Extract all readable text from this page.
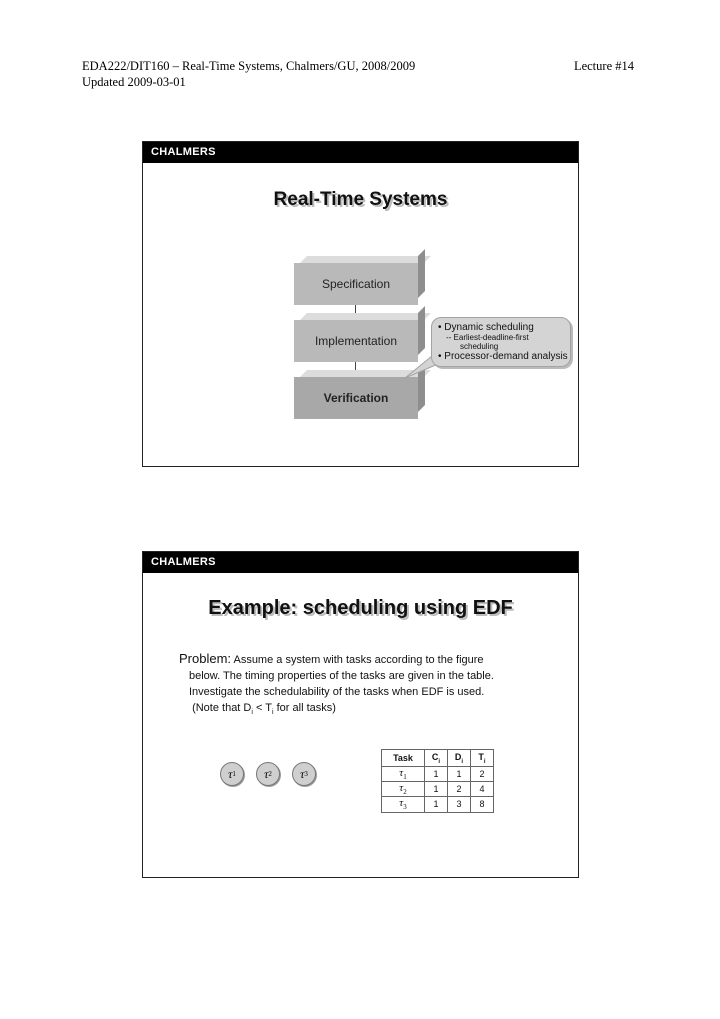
EDA222/DIT160 – Real-Time Systems, Chalmers/GU, 2008/2009
Updated 2009-03-01
Lecture #14
CHALMERS
Real-Time Systems
Specification
Implementation
Verification
• Dynamic scheduling
-- Earliest-deadline-first
scheduling
• Processor-demand analysis
CHALMERS
Example: scheduling using EDF
Problem: Assume a system with tasks according to the figure
below. The timing properties of the tasks are given in the table.
Investigate the schedulability of the tasks when EDF is used.
(Note that $D_i < T_i$ for all tasks)
τ 1 τ 2 τ 3
Task	$C_i$	$D_i$	$T_i$
$\tau_1$	1	1	2
$\tau_2$	1	2	4
$\tau_3$	1	3	8
